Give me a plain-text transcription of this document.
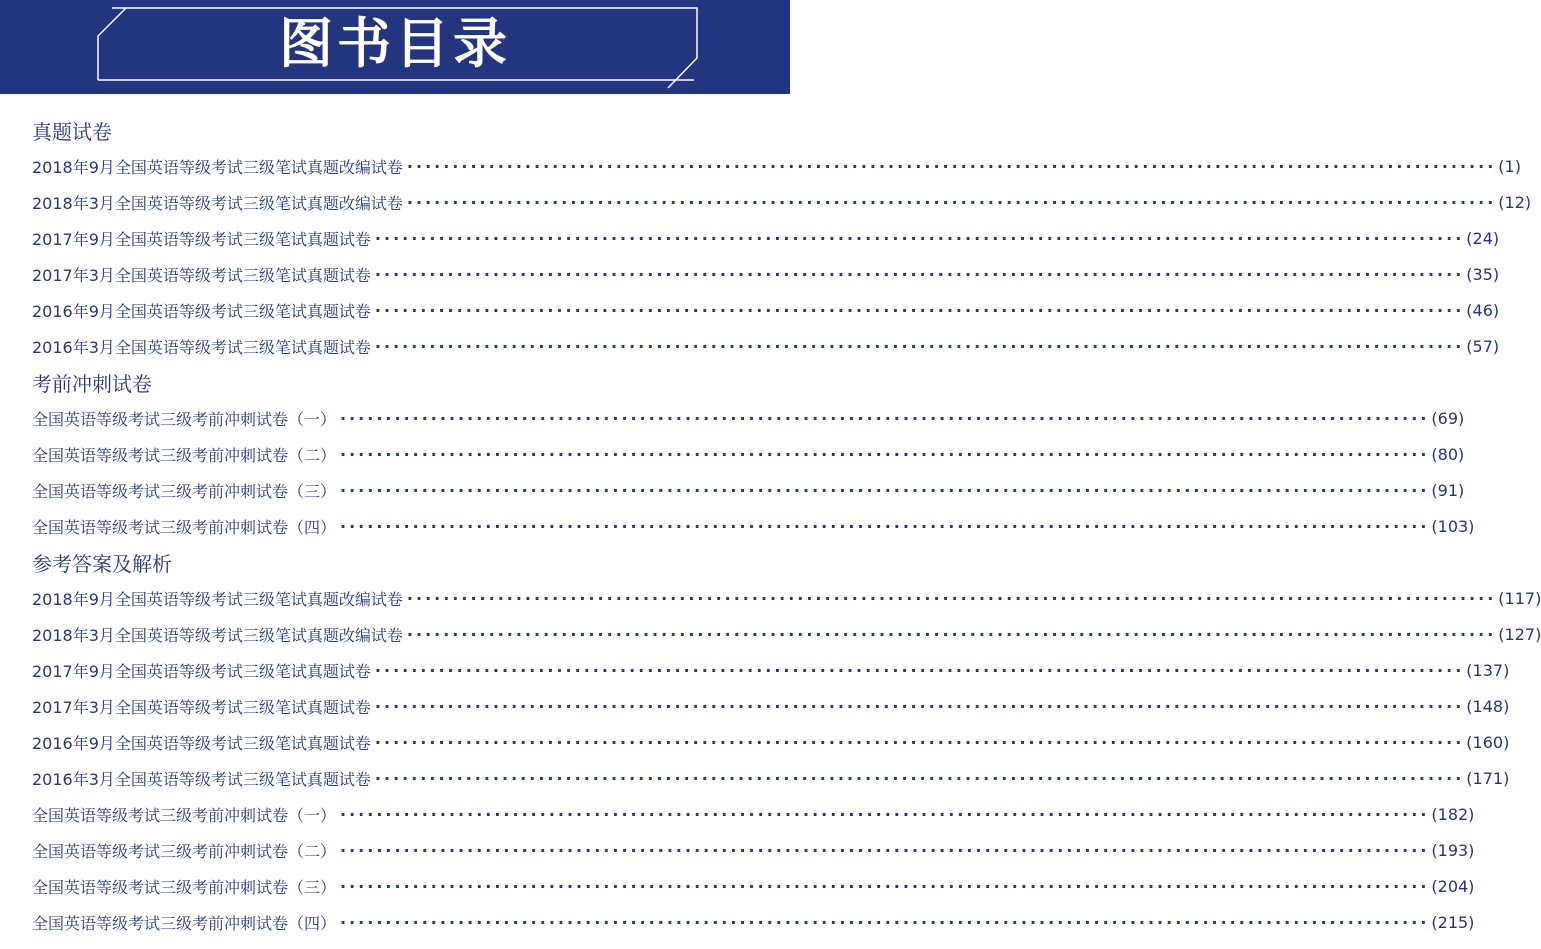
图书目录
真题试卷
2018年9月全国英语等级考试三级笔试真题改编试卷 ························································································································ (1)
2018年3月全国英语等级考试三级笔试真题改编试卷 ························································································································ (12)
2017年9月全国英语等级考试三级笔试真题试卷 ························································································································ (24)
2017年3月全国英语等级考试三级笔试真题试卷 ························································································································ (35)
2016年9月全国英语等级考试三级笔试真题试卷 ························································································································ (46)
2016年3月全国英语等级考试三级笔试真题试卷 ························································································································ (57)
考前冲刺试卷
全国英语等级考试三级考前冲刺试卷（一） ························································································································ (69)
全国英语等级考试三级考前冲刺试卷（二） ························································································································ (80)
全国英语等级考试三级考前冲刺试卷（三） ························································································································ (91)
全国英语等级考试三级考前冲刺试卷（四） ························································································································ (103)
参考答案及解析
2018年9月全国英语等级考试三级笔试真题改编试卷 ························································································································ (117)
2018年3月全国英语等级考试三级笔试真题改编试卷 ························································································································ (127)
2017年9月全国英语等级考试三级笔试真题试卷 ························································································································ (137)
2017年3月全国英语等级考试三级笔试真题试卷 ························································································································ (148)
2016年9月全国英语等级考试三级笔试真题试卷 ························································································································ (160)
2016年3月全国英语等级考试三级笔试真题试卷 ························································································································ (171)
全国英语等级考试三级考前冲刺试卷（一） ························································································································ (182)
全国英语等级考试三级考前冲刺试卷（二） ························································································································ (193)
全国英语等级考试三级考前冲刺试卷（三） ························································································································ (204)
全国英语等级考试三级考前冲刺试卷（四） ························································································································ (215)
